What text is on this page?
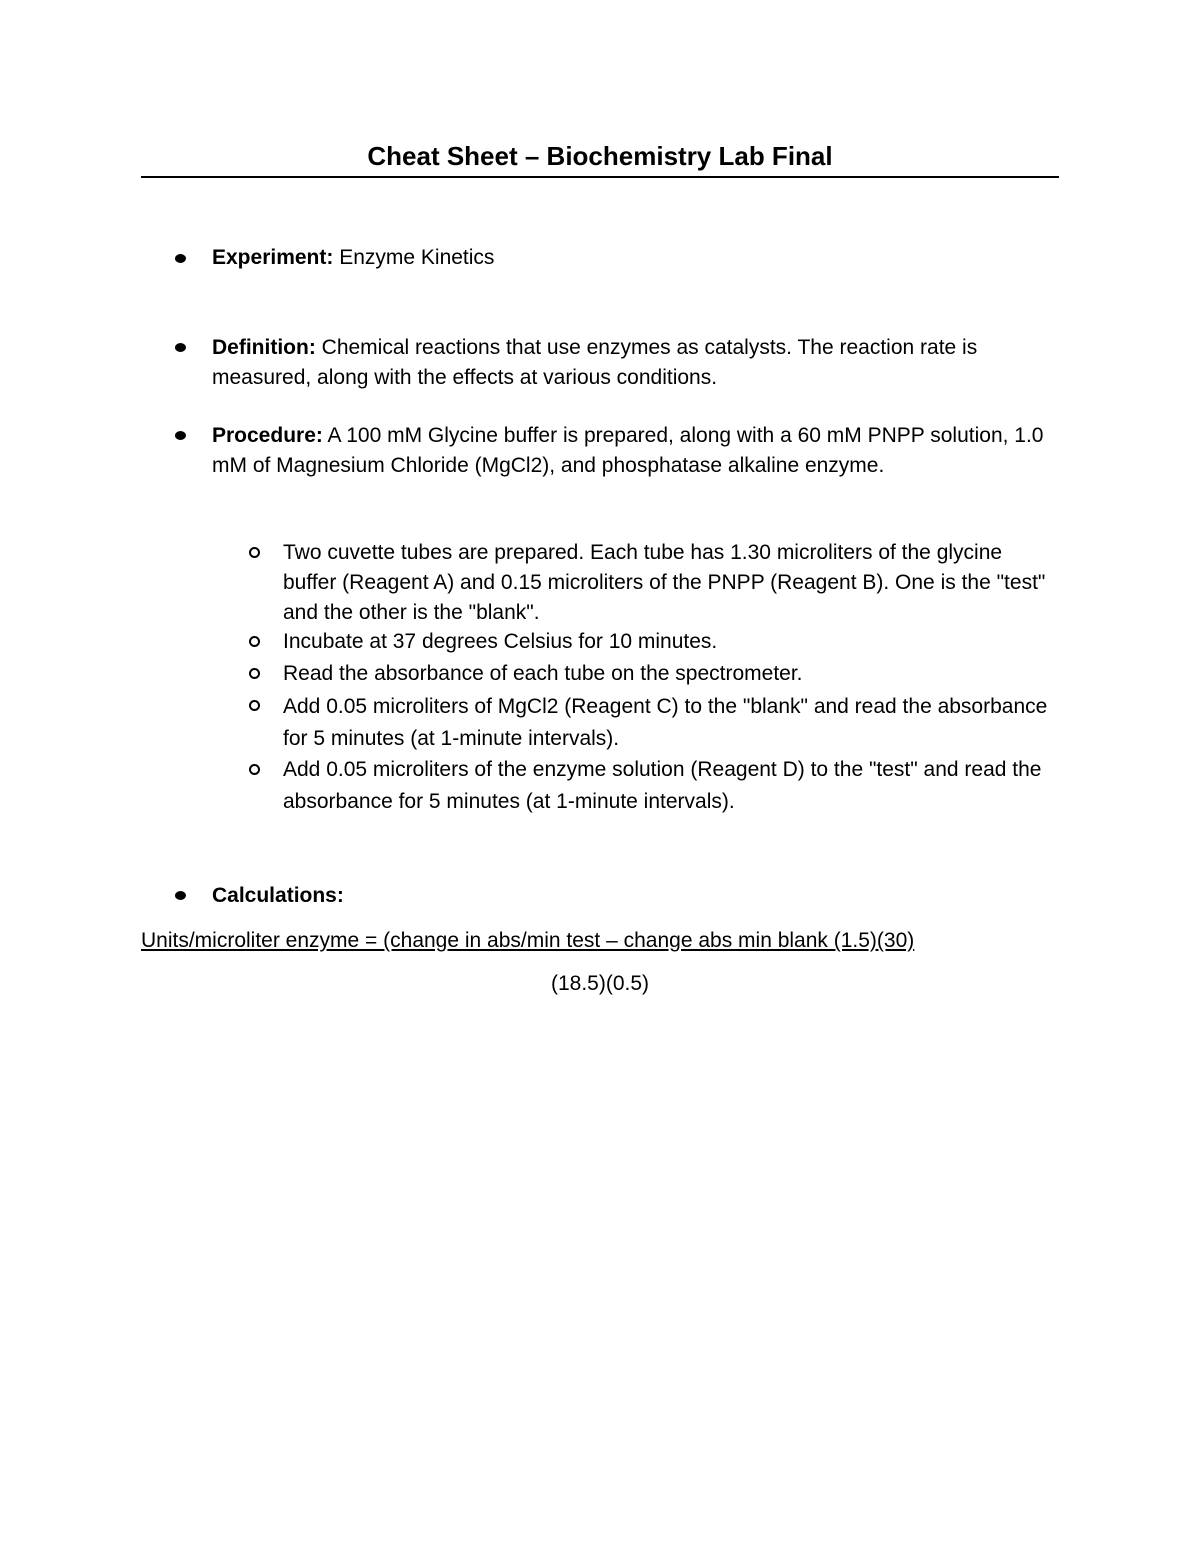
Cheat Sheet – Biochemistry Lab Final
Experiment: Enzyme Kinetics
Definition: Chemical reactions that use enzymes as catalysts. The reaction rate is measured, along with the effects at various conditions.
Procedure: A 100 mM Glycine buffer is prepared, along with a 60 mM PNPP solution, 1.0 mM of Magnesium Chloride (MgCl2), and phosphatase alkaline enzyme.
Two cuvette tubes are prepared. Each tube has 1.30 microliters of the glycine buffer (Reagent A) and 0.15 microliters of the PNPP (Reagent B). One is the "test" and the other is the "blank".
Incubate at 37 degrees Celsius for 10 minutes.
Read the absorbance of each tube on the spectrometer.
Add 0.05 microliters of MgCl2 (Reagent C) to the "blank" and read the absorbance for 5 minutes (at 1-minute intervals).
Add 0.05 microliters of the enzyme solution (Reagent D) to the "test" and read the absorbance for 5 minutes (at 1-minute intervals).
Calculations:
Units/microliter enzyme = (change in abs/min test – change abs min blank (1.5)(30)
(18.5)(0.5)
